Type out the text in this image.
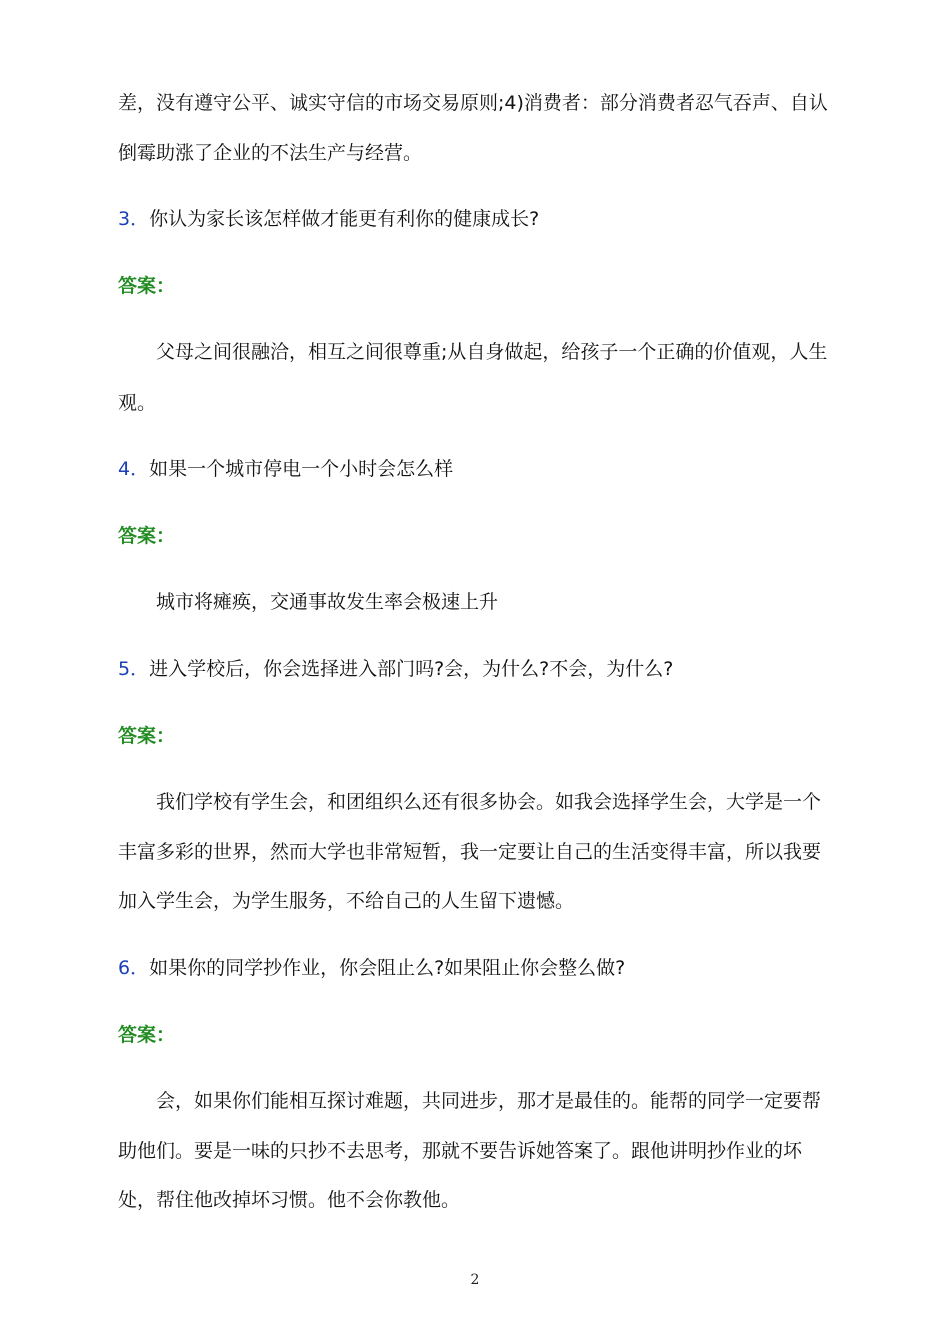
差，没有遵守公平、诚实守信的市场交易原则;4)消费者：部分消费者忍气吞声、自认
倒霉助涨了企业的不法生产与经营。
3．你认为家长该怎样做才能更有利你的健康成长?
答案：
父母之间很融洽，相互之间很尊重;从自身做起，给孩子一个正确的价值观，人生
观。
4．如果一个城市停电一个小时会怎么样
答案：
城市将瘫痪，交通事故发生率会极速上升
5．进入学校后，你会选择进入部门吗?会，为什么?不会，为什么?
答案：
我们学校有学生会，和团组织么还有很多协会。如我会选择学生会，大学是一个
丰富多彩的世界，然而大学也非常短暂，我一定要让自己的生活变得丰富，所以我要
加入学生会，为学生服务，不给自己的人生留下遗憾。
6．如果你的同学抄作业，你会阻止么?如果阻止你会整么做?
答案：
会，如果你们能相互探讨难题，共同进步，那才是最佳的。能帮的同学一定要帮
助他们。要是一味的只抄不去思考，那就不要告诉她答案了。跟他讲明抄作业的坏
处，帮住他改掉坏习惯。他不会你教他。
2
